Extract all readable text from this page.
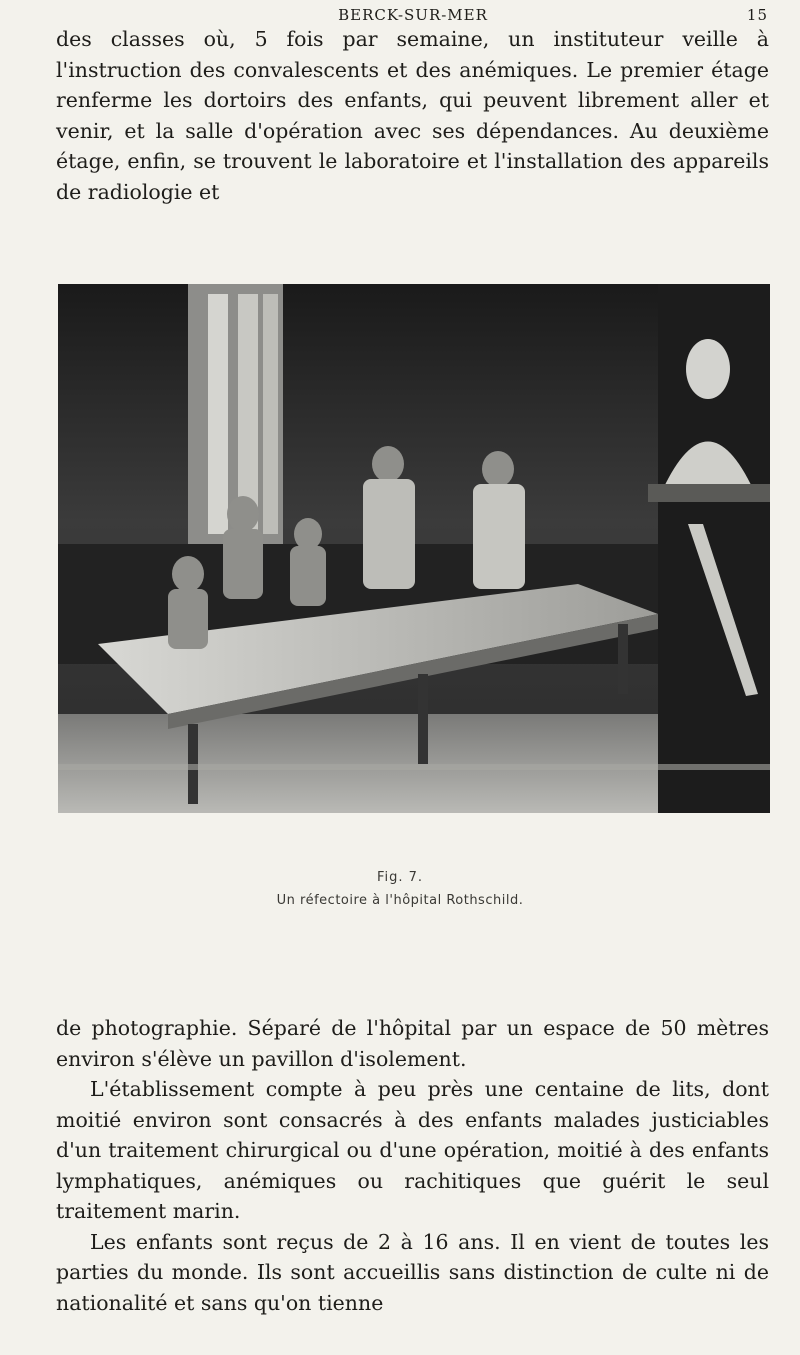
BERCK-SUR-MER	15

des classes où, 5 fois par semaine, un instituteur veille à l'instruction des convalescents et des anémiques. Le premier étage renferme les dortoirs des enfants, qui peuvent librement aller et venir, et la salle d'opération avec ses dépendances. Au deuxième étage, enfin, se trouvent le laboratoire et l'installation des appareils de radiologie et

Fig. 7.
Un réfectoire à l'hôpital Rothschild.

de photographie. Séparé de l'hôpital par un espace de 50 mètres environ s'élève un pavillon d'isolement.

L'établissement compte à peu près une centaine de lits, dont moitié environ sont consacrés à des enfants malades justiciables d'un traitement chirurgical ou d'une opération, moitié à des enfants lymphatiques, anémiques ou rachitiques que guérit le seul traitement marin.

Les enfants sont reçus de 2 à 16 ans. Il en vient de toutes les parties du monde. Ils sont accueillis sans distinction de culte ni de nationalité et sans qu'on tienne
